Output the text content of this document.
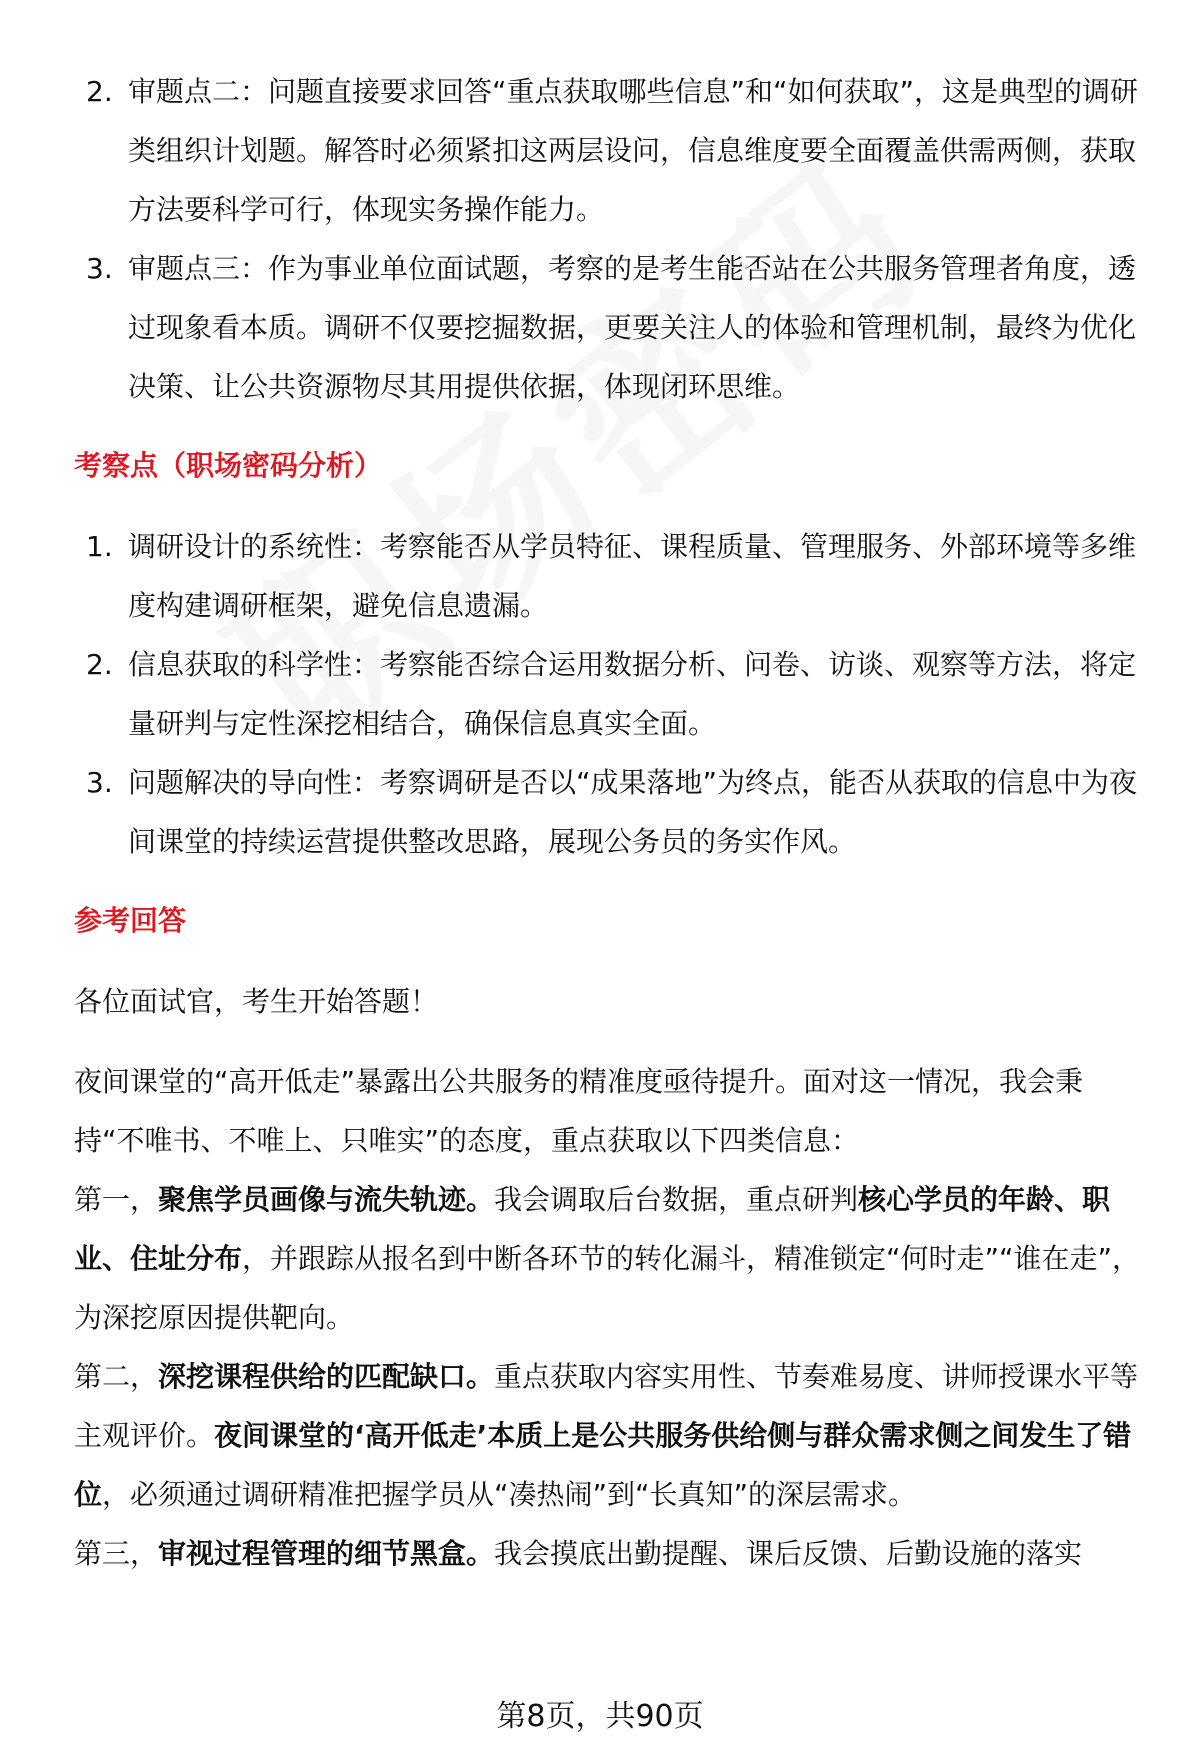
2. 审题点二：问题直接要求回答“重点获取哪些信息”和“如何获取”，这是典型的调研类组织计划题。解答时必须紧扣这两层设问，信息维度要全面覆盖供需两侧，获取方法要科学可行，体现实务操作能力。
3. 审题点三：作为事业单位面试题，考察的是考生能否站在公共服务管理者角度，透过现象看本质。调研不仅要挖掘数据，更要关注人的体验和管理机制，最终为优化决策、让公共资源物尽其用提供依据，体现闭环思维。
考察点（职场密码分析）
1. 调研设计的系统性：考察能否从学员特征、课程质量、管理服务、外部环境等多维度构建调研框架，避免信息遗漏。
2. 信息获取的科学性：考察能否综合运用数据分析、问卷、访谈、观察等方法，将定量研判与定性深挖相结合，确保信息真实全面。
3. 问题解决的导向性：考察调研是否以“成果落地”为终点，能否从获取的信息中为夜间课堂的持续运营提供整改思路，展现公务员的务实作风。
参考回答

各位面试官，考生开始答题！

夜间课堂的“高开低走”暴露出公共服务的精准度亟待提升。面对这一情况，我会秉持“不唯书、不唯上、只唯实”的态度，重点获取以下四类信息：

第一，聚焦学员画像与流失轨迹。我会调取后台数据，重点研判核心学员的年龄、职业、住址分布，并跟踪从报名到中断各环节的转化漏斗，精准锁定“何时走”“谁在走”，为深挖原因提供靶向。

第二，深挖课程供给的匹配缺口。重点获取内容实用性、节奏难易度、讲师授课水平等主观评价。夜间课堂的‘高开低走’本质上是公共服务供给侧与群众需求侧之间发生了错位，必须通过调研精准把握学员从“凑热闹”到“长真知”的深层需求。

第三，审视过程管理的细节黑盒。我会摸底出勤提醒、课后反馈、后勤设施的落实

第8页，共90页
